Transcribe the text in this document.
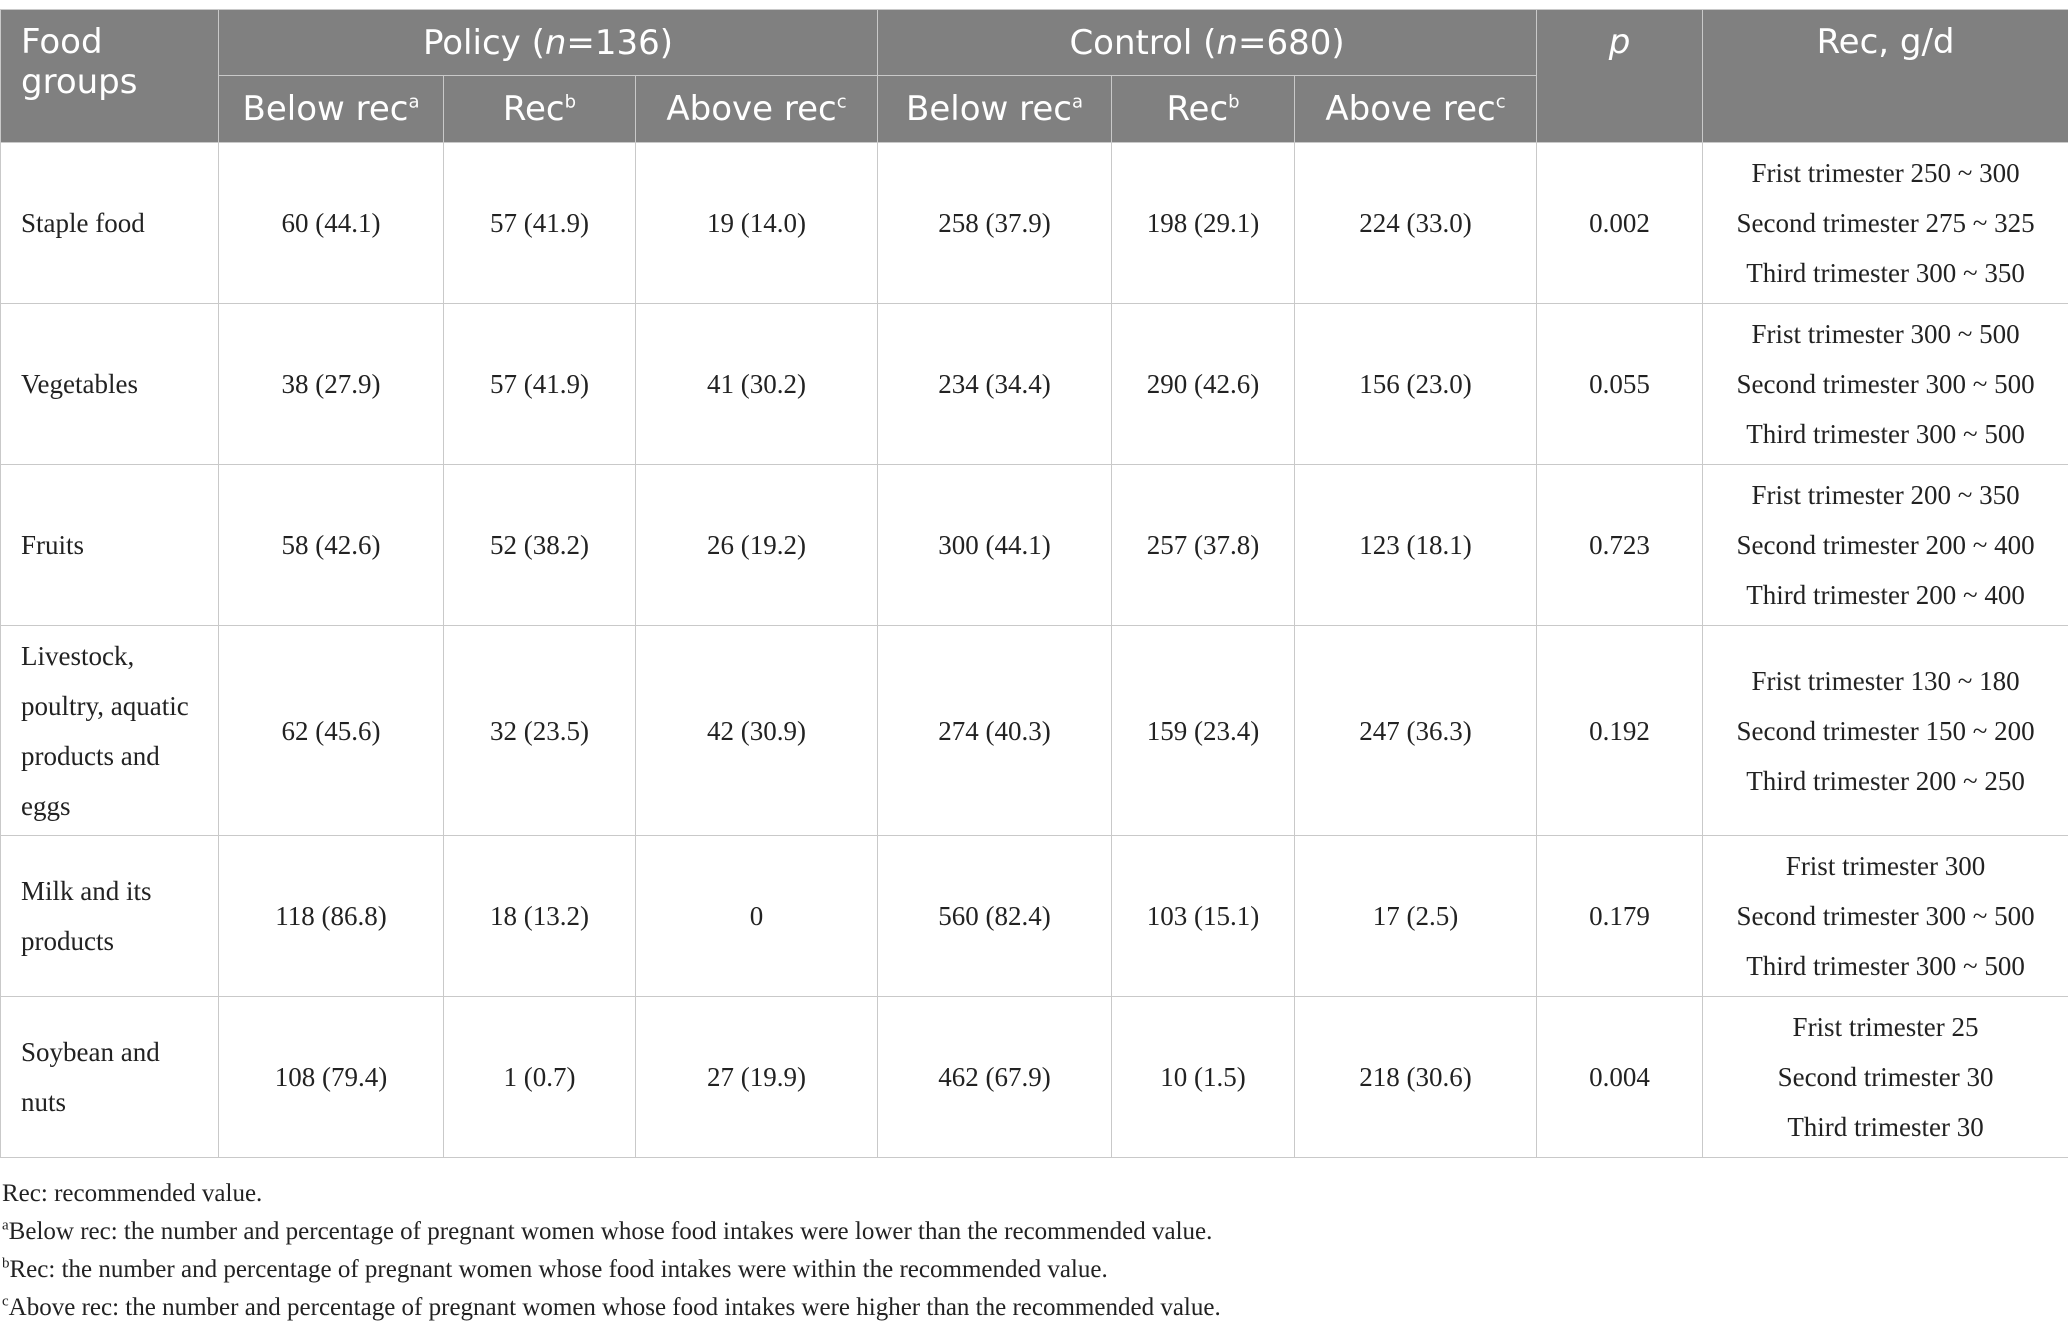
Food groups	Policy (n=136)			Control (n=680)			p	Rec, g/d
	Below rec$^a$	Rec$^b$	Above rec$^c$	Below rec$^a$	Rec$^b$	Above rec$^c$
Staple food	60 (44.1)	57 (41.9)	19 (14.0)	258 (37.9)	198 (29.1)	224 (33.0)	0.002	Frist trimester 250 ~ 300
Second trimester 275 ~ 325
Third trimester 300 ~ 350

Vegetables	38 (27.9)	57 (41.9)	41 (30.2)	234 (34.4)	290 (42.6)	156 (23.0)	0.055	Frist trimester 300 ~ 500
Second trimester 300 ~ 500
Third trimester 300 ~ 500

Fruits	58 (42.6)	52 (38.2)	26 (19.2)	300 (44.1)	257 (37.8)	123 (18.1)	0.723	Frist trimester 200 ~ 350
Second trimester 200 ~ 400
Third trimester 200 ~ 400

Livestock, poultry, aquatic products and eggs	62 (45.6)	32 (23.5)	42 (30.9)	274 (40.3)	159 (23.4)	247 (36.3)	0.192	Frist trimester 130 ~ 180
Second trimester 150 ~ 200
Third trimester 200 ~ 250

Milk and its products	118 (86.8)	18 (13.2)	0	560 (82.4)	103 (15.1)	17 (2.5)	0.179	Frist trimester 300
Second trimester 300 ~ 500
Third trimester 300 ~ 500

Soybean and nuts	108 (79.4)	1 (0.7)	27 (19.9)	462 (67.9)	10 (1.5)	218 (30.6)	0.004	Frist trimester 25
Second trimester 30
Third trimester 30
Rec: recommended value.
$^a$Below rec: the number and percentage of pregnant women whose food intakes were lower than the recommended value.
$^b$Rec: the number and percentage of pregnant women whose food intakes were within the recommended value.
$^c$Above rec: the number and percentage of pregnant women whose food intakes were higher than the recommended value.
